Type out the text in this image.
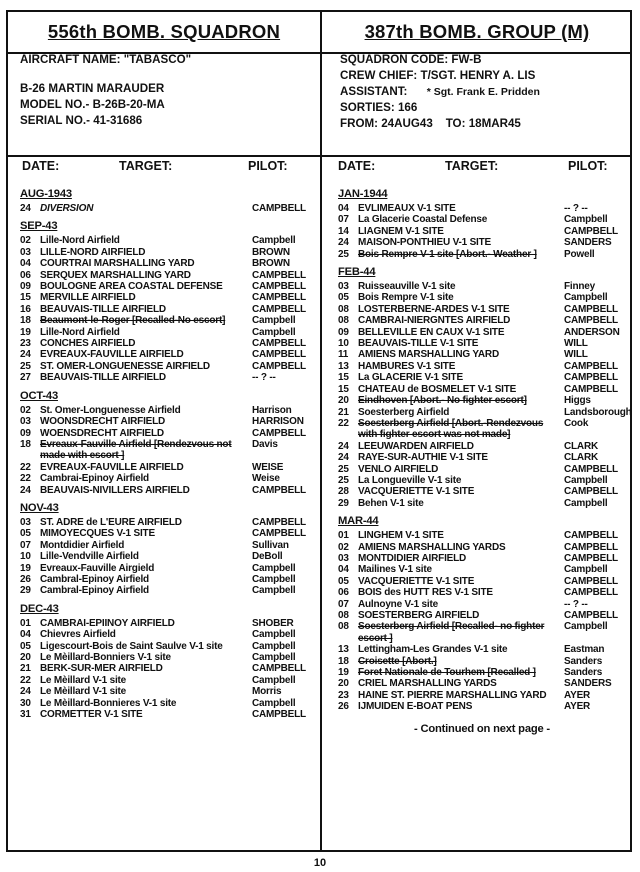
556th BOMB. SQUADRON
AIRCRAFT NAME: "TABASCO"
B-26 MARTIN MARAUDER
MODEL NO.- B-26B-20-MA
SERIAL NO.- 41-31686
DATE:	TARGET:	PILOT:
AUG-1943
24 DIVERSION	CAMPBELL
SEP-43
02 Lille-Nord Airfield	Campbell
03 LILLE-NORD AIRFIELD	BROWN
04 COURTRAI MARSHALLING YARD	BROWN
06 SERQUEX MARSHALLING YARD	CAMPBELL
09 BOULOGNE AREA COASTAL DEFENSE	CAMPBELL
15 MERVILLE AIRFIELD	CAMPBELL
16 BEAUVAIS-TILLE AIRFIELD	CAMPBELL
18 Beaumont-le-Roger [Recalled-No escort]	Campbell
19 Lille-Nord Airfield	Campbell
23 CONCHES AIRFIELD	CAMPBELL
24 EVREAUX-FAUVILLE AIRFIELD	CAMPBELL
25 ST. OMER-LONGUENESSE AIRFIELD	CAMPBELL
27 BEAUVAIS-TILLE AIRFIELD	-- ? --
OCT-43
02 St. Omer-Longuenesse Airfield	Harrison
03 WOONSDRECHT AIRFIELD	HARRISON
09 WOENSDRECHT AIRFIELD	CAMPBELL
18 Evreaux-Fauville Airfield [Rendezvous not made with escort ]
Davis
22 EVREAUX-FAUVILLE AIRFIELD	WEISE
22 Cambrai-Epinoy Airfield	Weise
24 BEAUVAIS-NIVILLERS AIRFIELD	CAMPBELL
NOV-43
03 ST. ADRE de L'EURE AIRFIELD	CAMPBELL
05 MIMOYECQUES V-1 SITE	CAMPBELL
07 Montdidier Airfield	Sullivan
10 Lille-Vendville Airfield	DeBoll
19 Evreaux-Fauville Airgield	Campbell
26 Cambral-Epinoy Airfield	Campbell
29 Cambral-Epinoy Airfield	Campbell
DEC-43
01 CAMBRAI-EPIINOY AIRFIELD	SHOBER
04 Chievres Airfield	Campbell
05 Ligescourt-Bois de Saint Saulve V-1 site	Campbell
20 Le Mèillard-Bonniers V-1 site	Campbell
21 BERK-SUR-MER AIRFIELD	CAMPBELL
22 Le Mèillard V-1 site	Campbell
24 Le Mèillard V-1 site	Morris
30 Le Mèillard-Bonnieres V-1 site	Campbell
31 CORMETTER V-1 SITE	CAMPBELL
387th BOMB. GROUP (M)
SQUADRON CODE: FW-B
CREW CHIEF: T/SGT. HENRY A. LIS
ASSISTANT: * Sgt. Frank E. Pridden
SORTIES: 166
FROM: 24AUG43 TO: 18MAR45
DATE:	TARGET:	PILOT:
JAN-1944
04 EVLIMEAUX V-1 SITE	-- ? --
07 La Glacerie Coastal Defense	Campbell
14 LIAGNEM V-1 SITE	CAMPBELL
24 MAISON-PONTHIEU V-1 SITE	SANDERS
25 Bois Rempre V-1 site [Abort.- Weather ]	Powell
FEB-44
03 Ruisseauville V-1 site	Finney
05 Bois Rempre V-1 site	Campbell
08 LOSTERBERNE-ARDES V-1 SITE	CAMPBELL
08 CAMBRAI-NIERGNTES AIRFIELD	CAMPBELL
09 BELLEVILLE EN CAUX V-1 SITE	ANDERSON
10 BEAUVAIS-TILLE V-1 SITE	WILL
11 AMIENS MARSHALLING YARD	WILL
13 HAMBURES V-1 SITE	CAMPBELL
15 La GLACERIE V-1 SITE	CAMPBELL
15 CHATEAU de BOSMELET V-1 SITE	CAMPBELL
20 Eindhoven [Abort.- No fighter escort]	Higgs
21 Soesterberg Airfield	Landsborough
22 Soesterberg Airfield [Abort.-Rendezvous with fighter escort was not made]
Cook
24 LEEUWARDEN AIRFIELD	CLARK
24 RAYE-SUR-AUTHIE V-1 SITE	CLARK
25 VENLO AIRFIELD	CAMPBELL
25 La Longueville V-1 site	Campbell
28 VACQUERIETTE V-1 SITE	CAMPBELL
29 Behen V-1 site	Campbell
MAR-44
01 LINGHEM V-1 SITE	CAMPBELL
02 AMIENS MARSHALLING YARDS	CAMPBELL
03 MONTDIDIER AIRFIELD	CAMPBELL
04 Mailines V-1 site	Campbell
05 VACQUERIETTE V-1 SITE	CAMPBELL
06 BOIS des HUTT RES V-1 SITE	CAMPBELL
07 Aulnoyne V-1 site	-- ? --
08 SOESTERBERG AIRFIELD	CAMPBELL
08 Soesterberg Airfield [Recalled- no fighter escort ]
Campbell
13 Lettingham-Les Grandes V-1 site	Eastman
18 Croisette [Abort.]	Sanders
19 Foret Nationale de Tourhem [Recalled ]	Sanders
20 CRIEL MARSHALLING YARDS	SANDERS
23 HAINE ST. PIERRE MARSHALLING YARD	AYER
26 IJMUIDEN E-BOAT PENS	AYER
- Continued on next page -
10
